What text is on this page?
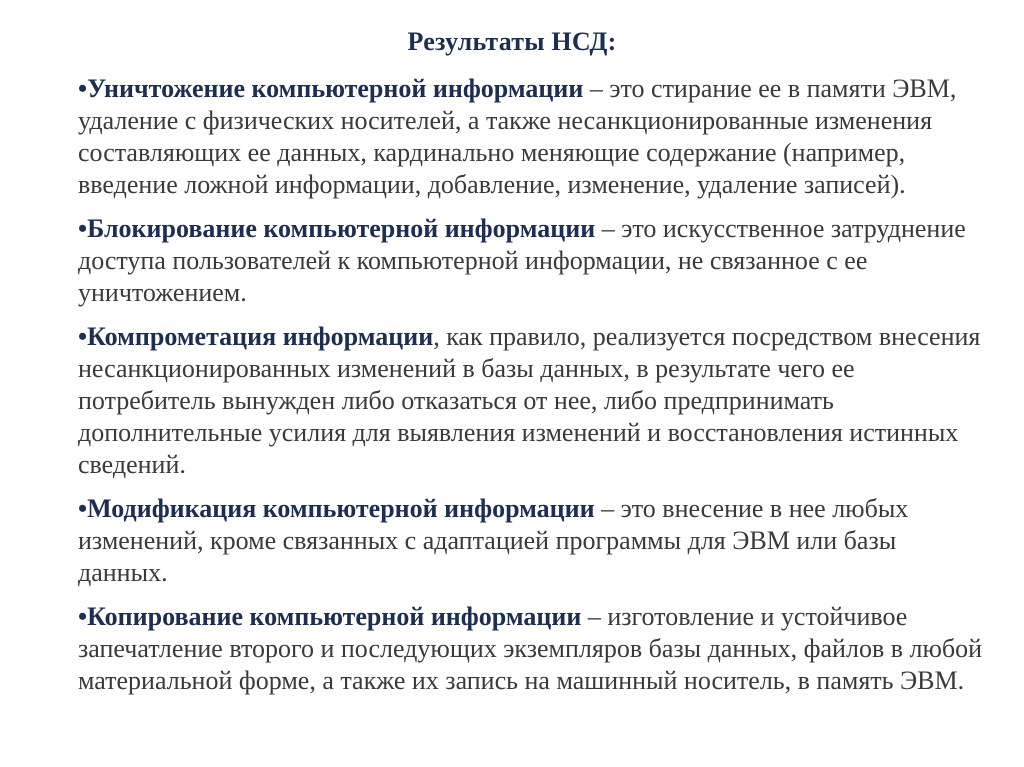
Результаты НСД:
•Уничтожение компьютерной информации – это стирание ее в памяти ЭВМ, удаление с физических носителей, а также несанкционированные изменения составляющих ее данных, кардинально меняющие содержание (например, введение ложной информации, добавление, изменение, удаление записей).
•Блокирование компьютерной информации – это искусственное затруднение доступа пользователей к компьютерной информации, не связанное с ее уничтожением.
•Компрометация информации, как правило, реализуется посредством внесения несанкционированных изменений в базы данных, в результате чего ее потребитель вынужден либо отказаться от нее, либо предпринимать дополнительные усилия для выявления изменений и восстановления истинных сведений.
•Модификация компьютерной информации – это внесение в нее любых изменений, кроме связанных с адаптацией программы для ЭВМ или базы данных.
•Копирование компьютерной информации – изготовление и устойчивое запечатление второго и последующих экземпляров базы данных, файлов в любой материальной форме, а также их запись на машинный носитель, в память ЭВМ.
